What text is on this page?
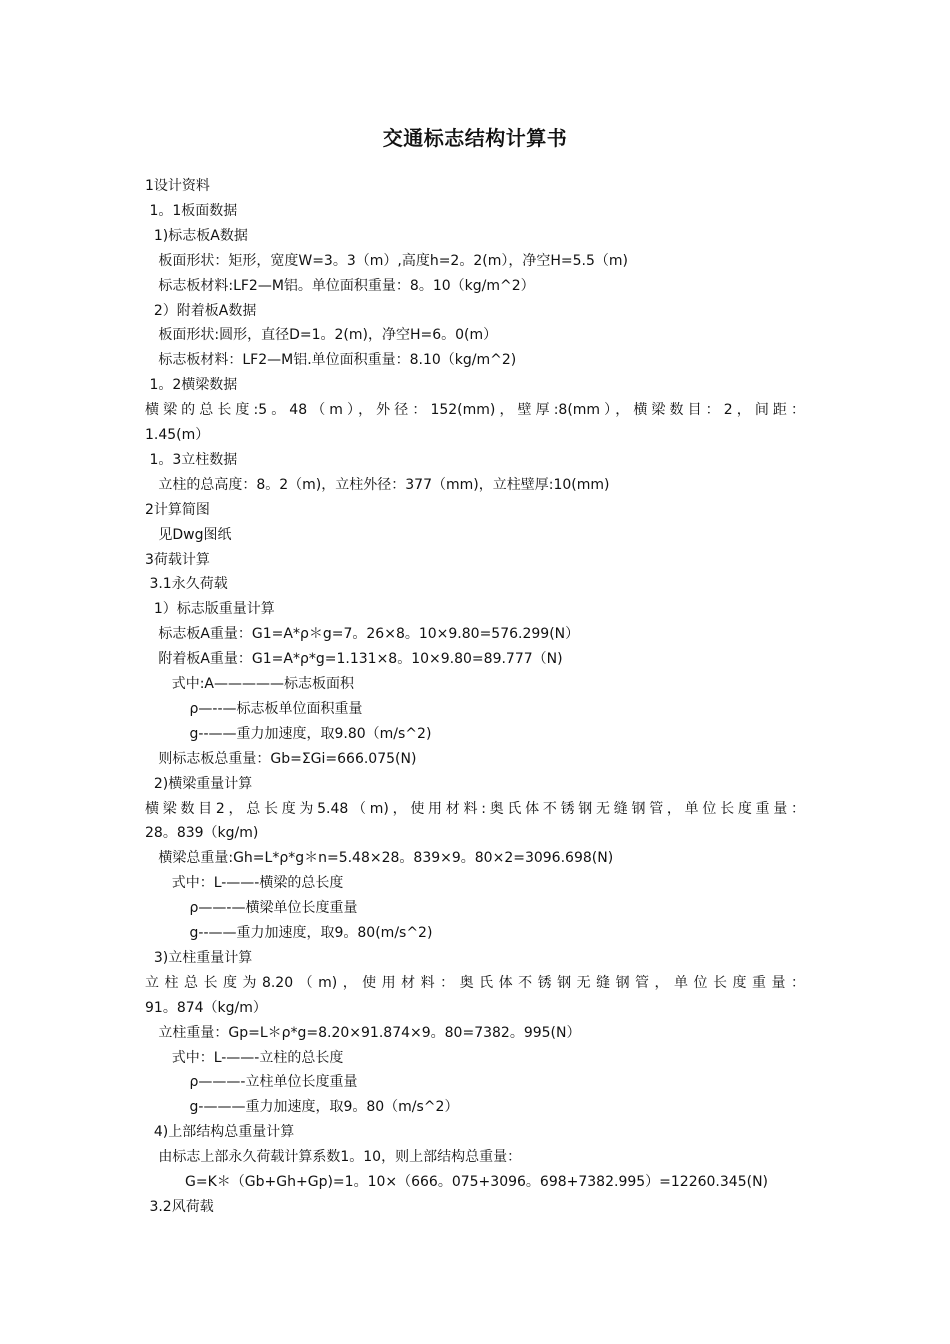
交通标志结构计算书
1设计资料
1。1板面数据
1)标志板A数据
板面形状：矩形，宽度W=3。3（m）,高度h=2。2(m），净空H=5.5（m)
标志板材料:LF2—M铝。单位面积重量：8。10（kg/m^2）
2）附着板A数据
板面形状:圆形，直径D=1。2(m)，净空H=6。0(m）
标志板材料：LF2—M铝.单位面积重量：8.10（kg/m^2)
1。2横梁数据
横梁的总长度:5。48（m），外径：152(mm)，壁厚:8(mm），横梁数目：2，间距：
1.45(m）
1。3立柱数据
立柱的总高度：8。2（m)，立柱外径：377（mm)，立柱壁厚:10(mm)
2计算简图
见Dwg图纸
3荷载计算
3.1永久荷载
1）标志版重量计算
标志板A重量：G1=A*ρ＊g=7。26×8。10×9.80=576.299(N）
附着板A重量：G1=A*ρ*g=1.131×8。10×9.80=89.777（N)
式中:A—————标志板面积
ρ—--—标志板单位面积重量
g--——重力加速度，取9.80（m/s^2)
则标志板总重量：Gb=ΣGi=666.075(N)
2)横梁重量计算
横梁数目2，总长度为5.48（m)，使用材料:奥氏体不锈钢无缝钢管，单位长度重量：
28。839（kg/m)
横梁总重量:Gh=L*ρ*g＊n=5.48×28。839×9。80×2=3096.698(N)
式中：L-——-横梁的总长度
ρ——-—横梁单位长度重量
g--——重力加速度，取9。80(m/s^2)
3)立柱重量计算
立柱总长度为8.20（m)，使用材料：奥氏体不锈钢无缝钢管，单位长度重量：
91。874（kg/m）
立柱重量：Gp=L＊ρ*g=8.20×91.874×9。80=7382。995(N）
式中：L-——-立柱的总长度
ρ———-立柱单位长度重量
g-———重力加速度，取9。80（m/s^2）
4)上部结构总重量计算
由标志上部永久荷载计算系数1。10，则上部结构总重量：
G=K＊（Gb+Gh+Gp)=1。10×（666。075+3096。698+7382.995）=12260.345(N)
3.2风荷载
